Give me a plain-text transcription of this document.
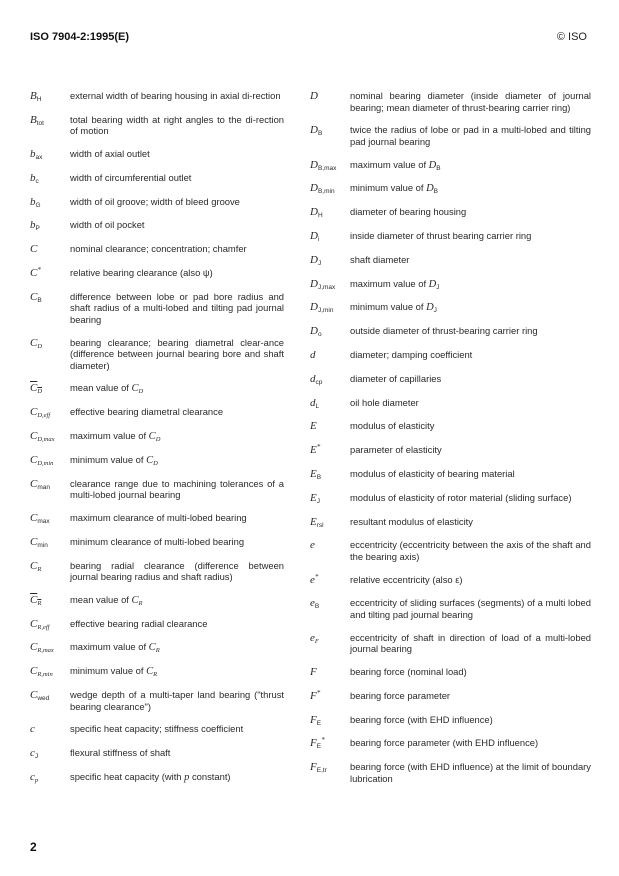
ISO 7904-2:1995(E)	© ISO
$B_H$	external width of bearing housing in axial di-rection
$B_{tot}$	total bearing width at right angles to the di-rection of motion
$b_{ax}$	width of axial outlet
$b_c$	width of circumferential outlet
$b_G$	width of oil groove; width of bleed groove
$b_P$	width of oil pocket
C	nominal clearance; concentration; chamfer
C*	relative bearing clearance (also ψ)
$C_B$	difference between lobe or pad bore radius and shaft radius of a multi-lobed and tilting pad journal bearing
$C_D$	bearing clearance; bearing diametral clear-ance (difference between journal bearing bore and shaft diameter)
$C_D$	mean value of $C_D$
$C_{D,eff}$	effective bearing diametral clearance
$C_{D,max}$	maximum value of $C_D$
$C_{D,min}$	minimum value of $C_D$
$C_{man}$	clearance range due to machining tolerances of a multi-lobed journal bearing
$C_{max}$	maximum clearance of multi-lobed bearing
$C_{min}$	minimum clearance of multi-lobed bearing
$C_R$	bearing radial clearance (difference between journal bearing radius and shaft radius)
$C_R$	mean value of $C_R$
$C_{R,eff}$	effective bearing radial clearance
$C_{R,max}$	maximum value of $C_R$
$C_{R,min}$	minimum value of $C_R$
$C_{wed}$	wedge depth of a multi-taper land bearing ("thrust bearing clearance")
c	specific heat capacity; stiffness coefficient
$c_J$	flexural stiffness of shaft
$c_p$	specific heat capacity (with p constant)
D	nominal bearing diameter (inside diameter of journal bearing; mean diameter of thrust-bearing carrier ring)
$D_B$	twice the radius of lobe or pad in a multi-lobed and tilting pad journal bearing
$D_{B,max}$	maximum value of $D_B$
$D_{B,min}$	minimum value of $D_B$
$D_H$	diameter of bearing housing
$D_i$	inside diameter of thrust bearing carrier ring
$D_J$	shaft diameter
$D_{J,max}$	maximum value of $D_J$
$D_{J,min}$	minimum value of $D_J$
$D_o$	outside diameter of thrust-bearing carrier ring
d	diameter; damping coefficient
$d_{cp}$	diameter of capillaries
$d_L$	oil hole diameter
E	modulus of elasticity
E*	parameter of elasticity
$E_B$	modulus of elasticity of bearing material
$E_J$	modulus of elasticity of rotor material (sliding surface)
$E_{rsl}$	resultant modulus of elasticity
e	eccentricity (eccentricity between the axis of the shaft and the bearing axis)
e*	relative eccentricity (also ε)
$e_B$	eccentricity of sliding surfaces (segments) of a multi lobed and tilting pad journal bearing
$e_F$	eccentricity of shaft in direction of load of a multi-lobed journal bearing
F	bearing force (nominal load)
F*	bearing force parameter
$F_E$	bearing force (with EHD influence)
$F_E^*$	bearing force parameter (with EHD influence)
$F_{E,tr}$	bearing force (with EHD influence) at the limit of boundary lubrication
2
